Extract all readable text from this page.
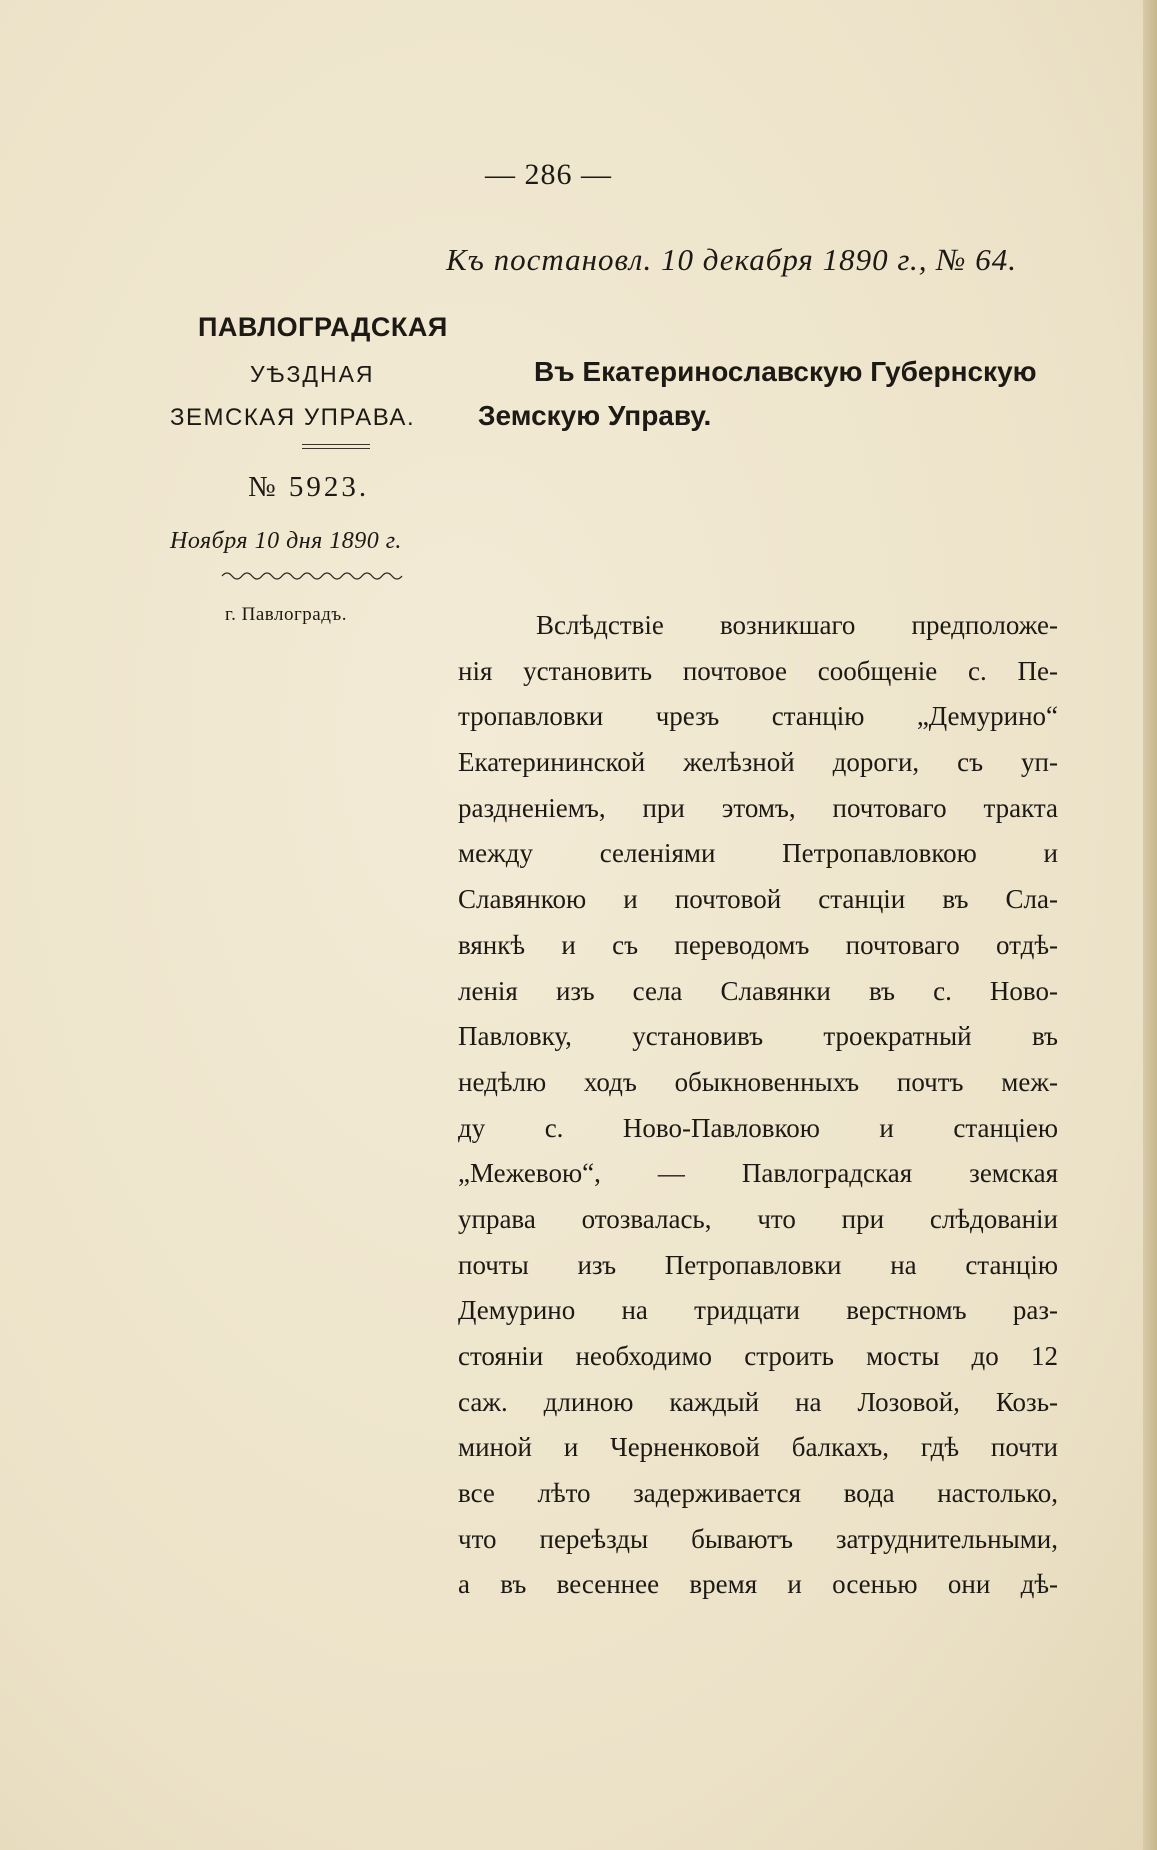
— 286 —
Къ постановл. 10 декабря 1890 г., № 64.
ПАВЛОГРАДСКАЯ
УѢЗДНАЯ
ЗЕМСКАЯ УПРАВА.
№ 5923.
Ноября 10 дня 1890 г.
г. Павлоградъ.
Въ Екатеринославскую Губернскую
Земскую Управу.
Вслѣдствіе возникшаго предположе-
нія установить почтовое сообщеніе с. Пе-
тропавловки чрезъ станцію „Демурино“
Екатерининской желѣзной дороги, съ уп-
раздненіемъ, при этомъ, почтоваго тракта
между селеніями Петропавловкою и
Славянкою и почтовой станціи въ Сла-
вянкѣ и съ переводомъ почтоваго отдѣ-
ленія изъ села Славянки въ с. Ново-
Павловку, установивъ троекратный въ
недѣлю ходъ обыкновенныхъ почтъ меж-
ду с. Ново-Павловкою и станціею
„Межевою“, — Павлоградская земская
управа отозвалась, что при слѣдованіи
почты изъ Петропавловки на станцію
Демурино на тридцати верстномъ раз-
стояніи необходимо строить мосты до 12
саж. длиною каждый на Лозовой, Козь-
миной и Черненковой балкахъ, гдѣ почти
все лѣто задерживается вода настолько,
что переѣзды бываютъ затруднительными,
а въ весеннее время и осенью они дѣ-
